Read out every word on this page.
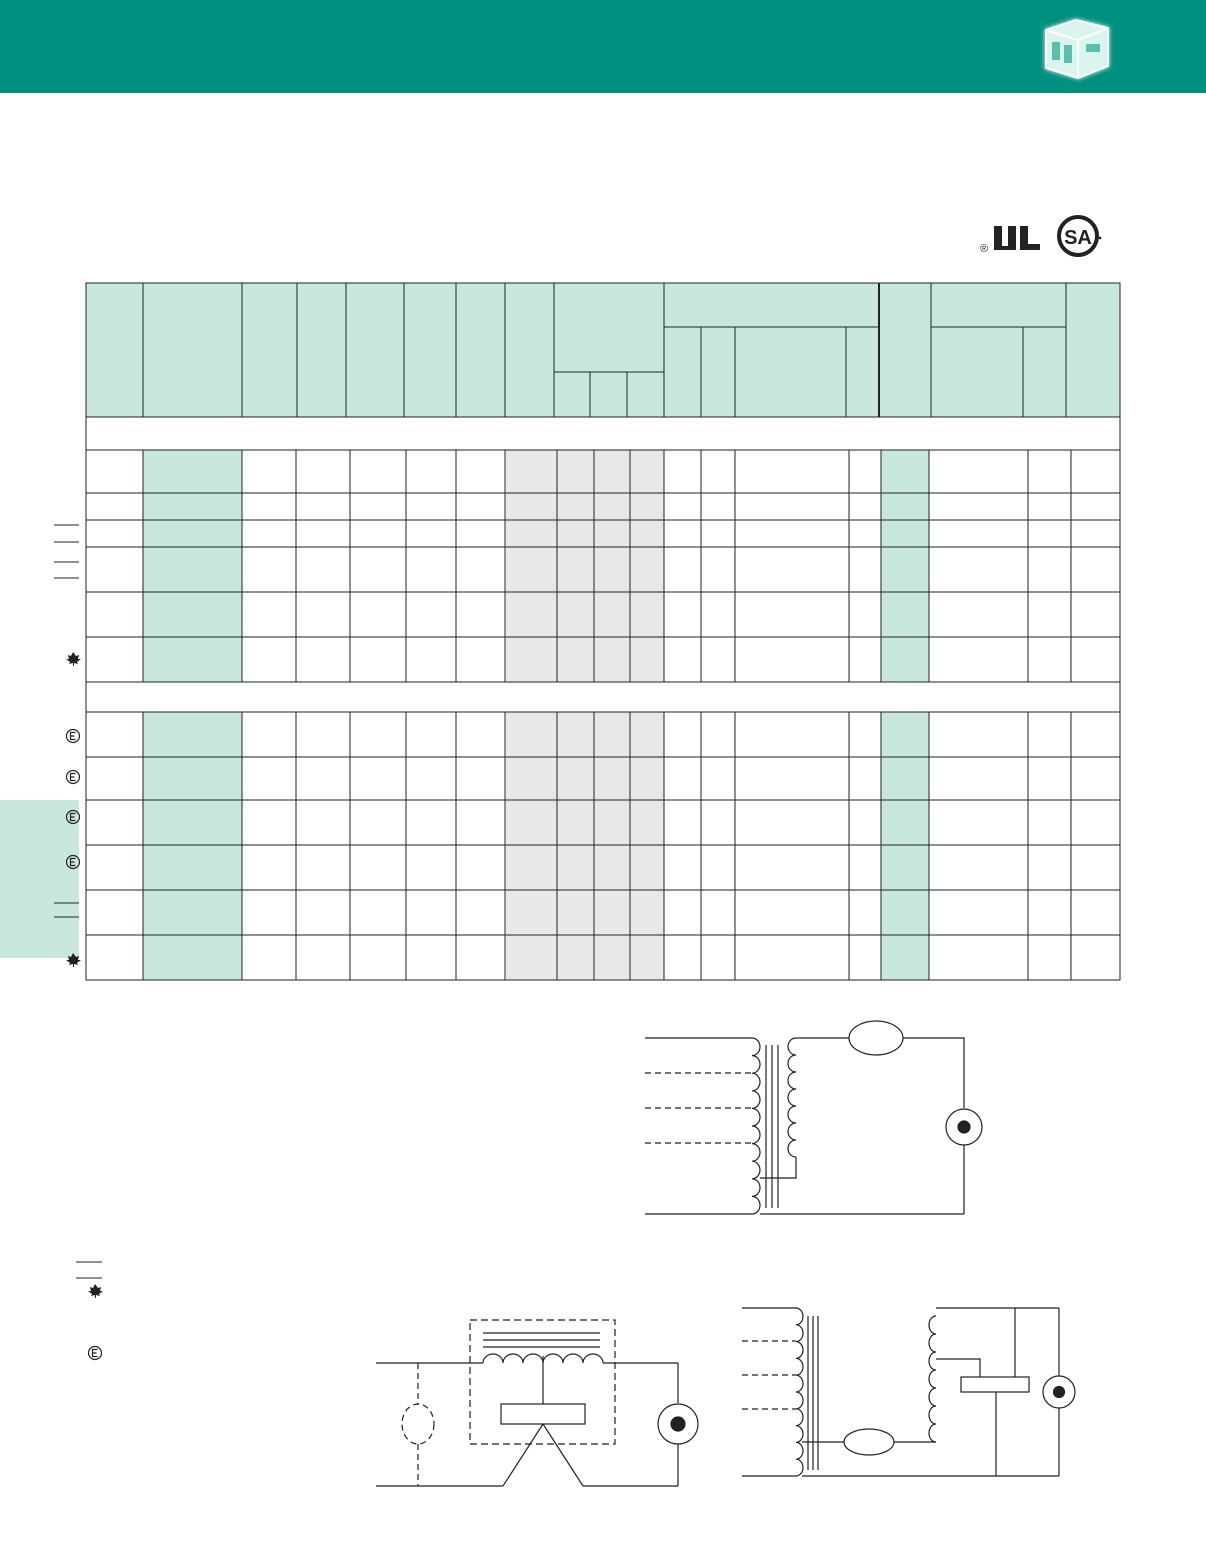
®	SA
